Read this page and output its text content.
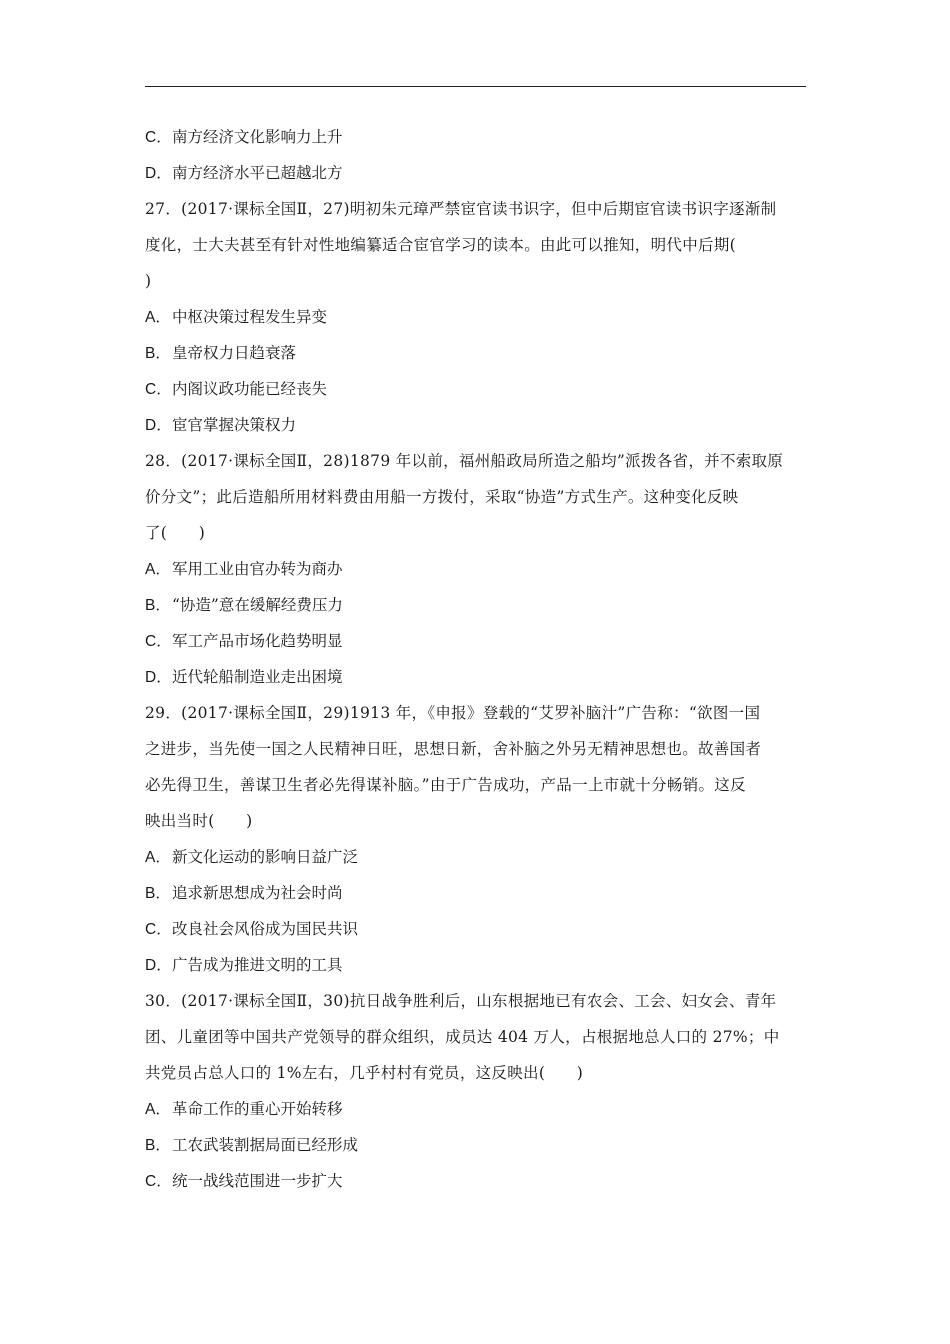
C．南方经济文化影响力上升
D．南方经济水平已超越北方
27．(2017·课标全国Ⅱ，27)明初朱元璋严禁宦官读书识字，但中后期宦官读书识字逐渐制
度化，士大夫甚至有针对性地编纂适合宦官学习的读本。由此可以推知，明代中后期(
)
A．中枢决策过程发生异变
B．皇帝权力日趋衰落
C．内阁议政功能已经丧失
D．宦官掌握决策权力
28．(2017·课标全国Ⅱ，28)1879 年以前，福州船政局所造之船均”派拨各省，并不索取原
价分文”；此后造船所用材料费由用船一方拨付，采取“协造”方式生产。这种变化反映
了(　　)
A．军用工业由官办转为商办
B．“协造”意在缓解经费压力
C．军工产品市场化趋势明显
D．近代轮船制造业走出困境
29．(2017·课标全国Ⅱ，29)1913 年，《申报》登载的“艾罗补脑汁”广告称：“欲图一国
之进步，当先使一国之人民精神日旺，思想日新，舍补脑之外另无精神思想也。故善国者
必先得卫生，善谋卫生者必先得谋补脑。”由于广告成功，产品一上市就十分畅销。这反
映出当时(　　)
A．新文化运动的影响日益广泛
B．追求新思想成为社会时尚
C．改良社会风俗成为国民共识
D．广告成为推进文明的工具
30．(2017·课标全国Ⅱ，30)抗日战争胜利后，山东根据地已有农会、工会、妇女会、青年
团、儿童团等中国共产党领导的群众组织，成员达 404 万人，占根据地总人口的 27%；中
共党员占总人口的 1%左右，几乎村村有党员，这反映出(　　)
A．革命工作的重心开始转移
B．工农武装割据局面已经形成
C．统一战线范围进一步扩大
